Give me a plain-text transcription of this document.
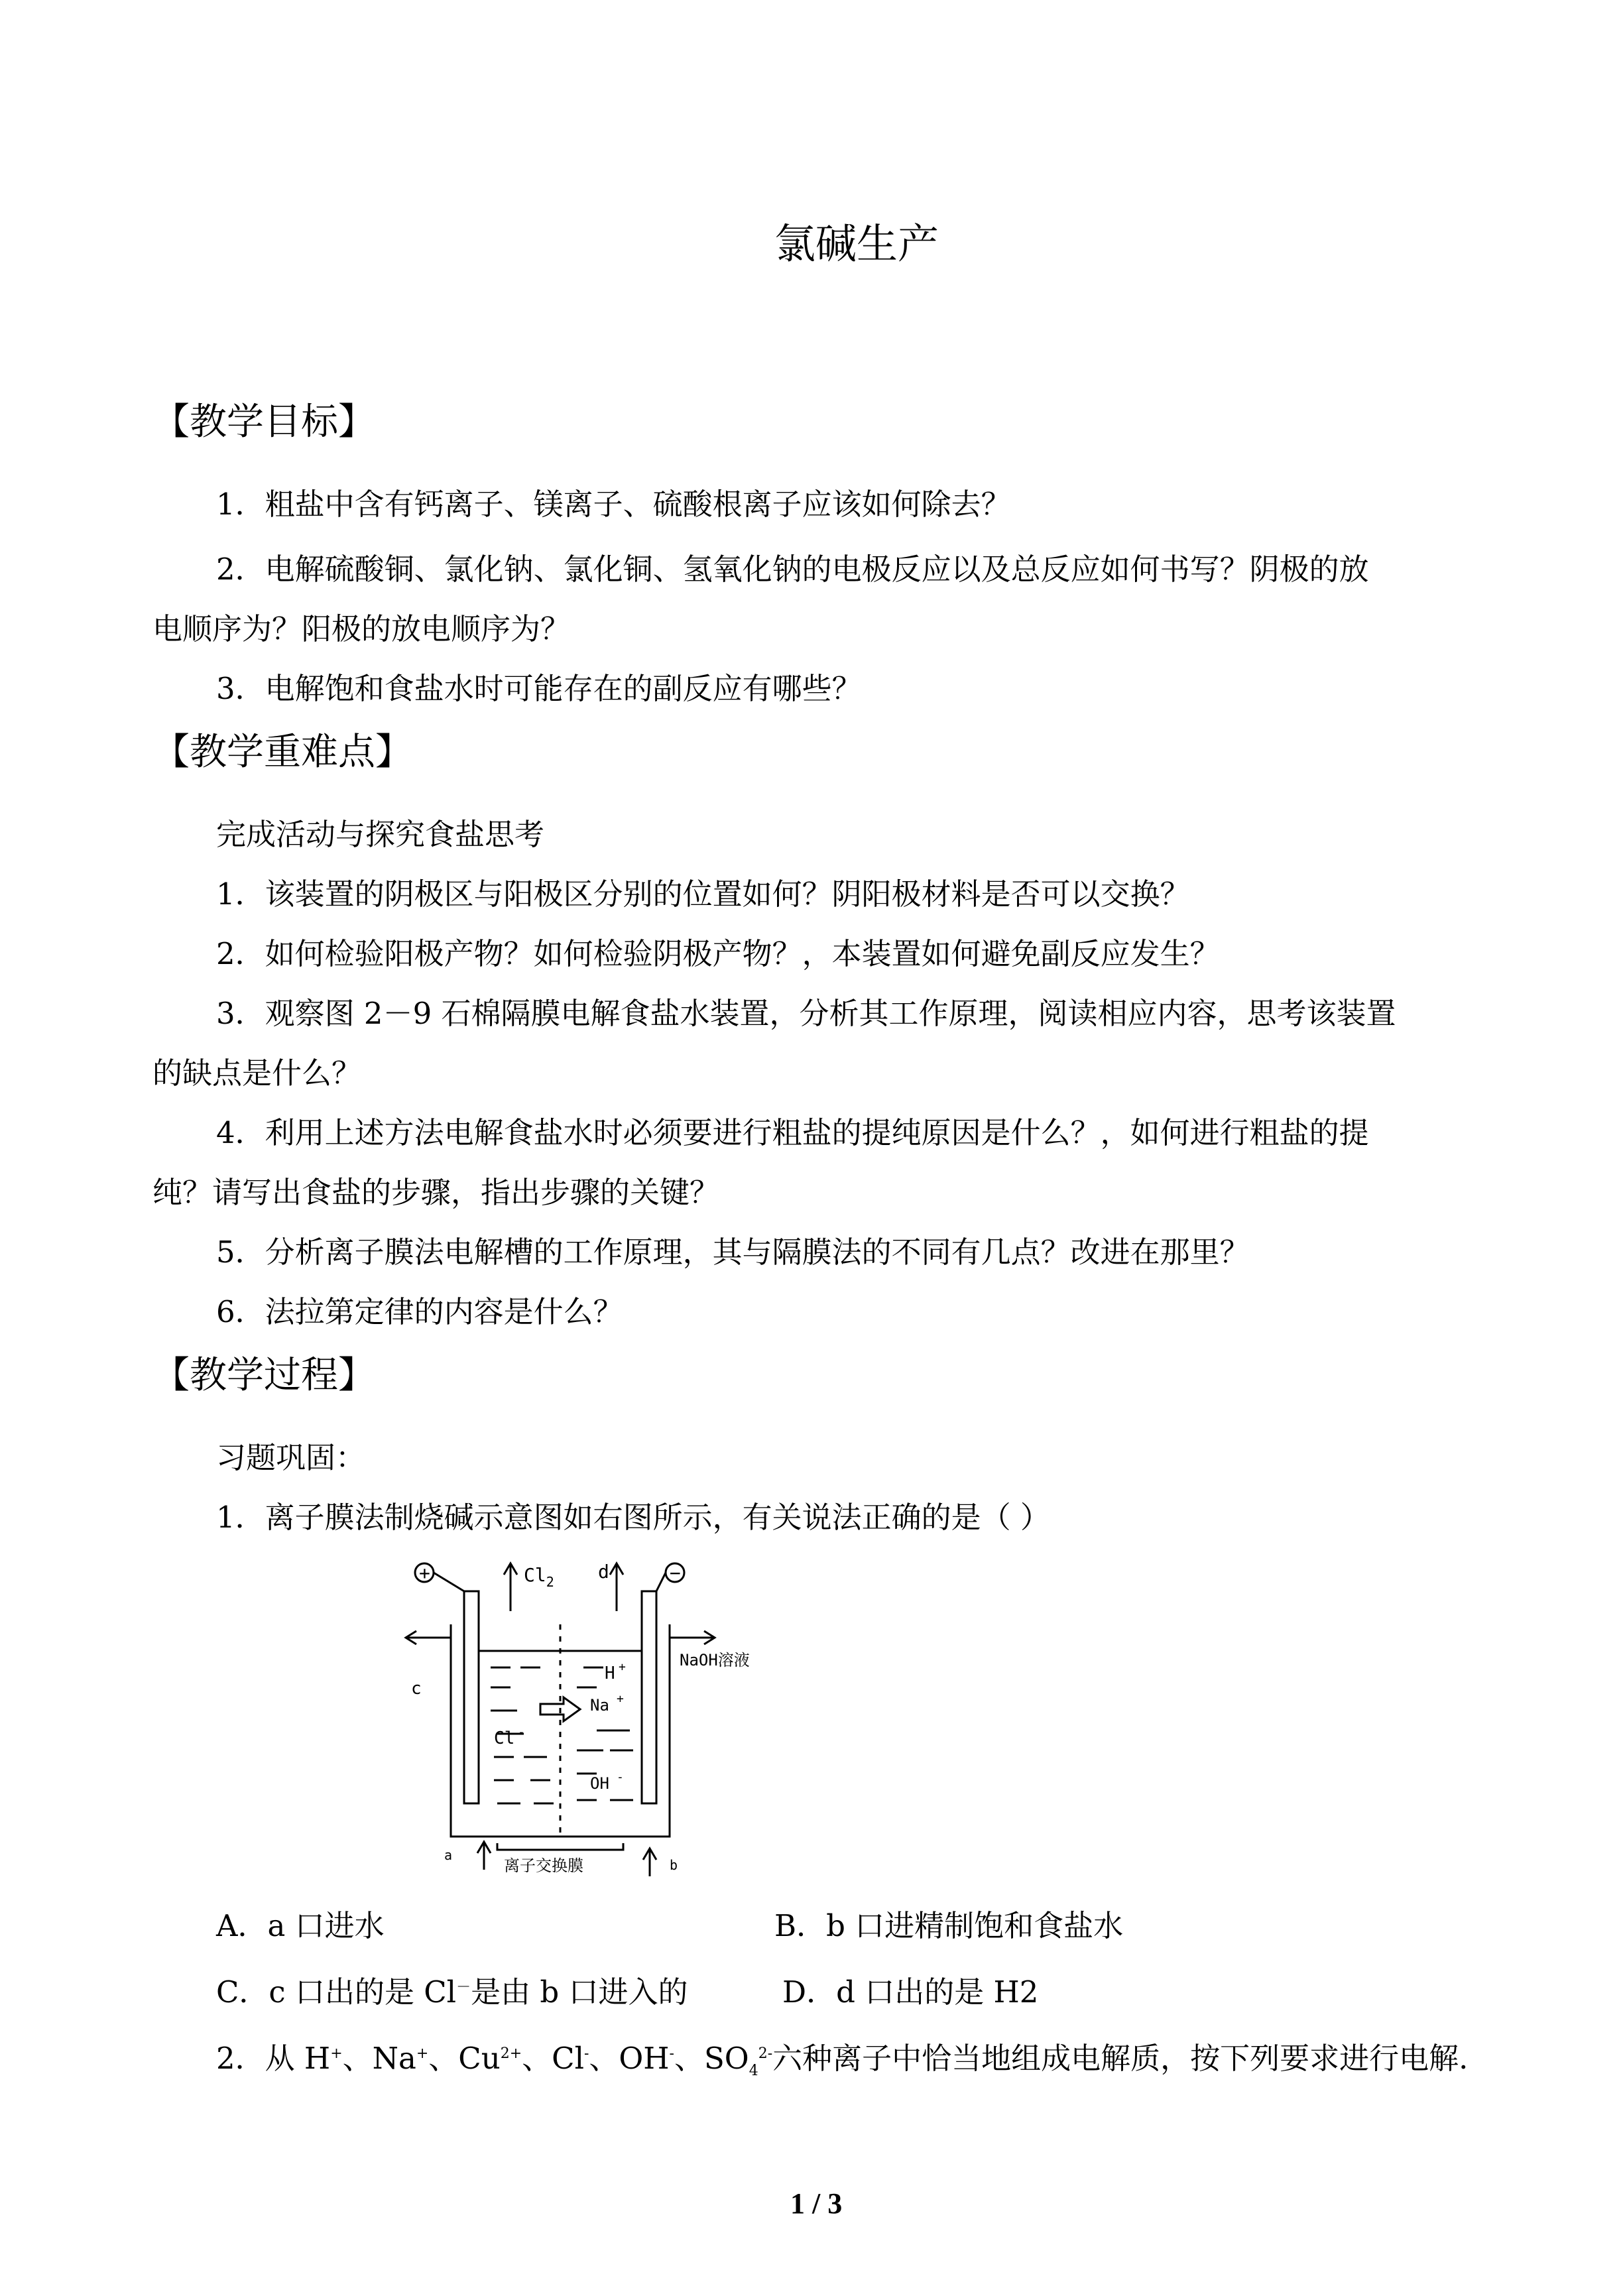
氯碱生产
【教学目标】
1．粗盐中含有钙离子、镁离子、硫酸根离子应该如何除去？
2．电解硫酸铜、氯化钠、氯化铜、氢氧化钠的电极反应以及总反应如何书写？阴极的放
电顺序为？阳极的放电顺序为？
3．电解饱和食盐水时可能存在的副反应有哪些？
【教学重难点】
完成活动与探究食盐思考
1．该装置的阴极区与阳极区分别的位置如何？阴阳极材料是否可以交换？
2．如何检验阳极产物？如何检验阴极产物？，本装置如何避免副反应发生？
3．观察图 2－9 石棉隔膜电解食盐水装置，分析其工作原理，阅读相应内容，思考该装置
的缺点是什么？
4．利用上述方法电解食盐水时必须要进行粗盐的提纯原因是什么？，如何进行粗盐的提
纯？请写出食盐的步骤，指出步骤的关键？
5．分析离子膜法电解槽的工作原理，其与隔膜法的不同有几点？改进在那里？
6．法拉第定律的内容是什么？
【教学过程】
习题巩固：
1．离子膜法制烧碱示意图如右图所示，有关说法正确的是（ ）
+	−
$Cl_2$ d
c
a
b
H +
Na +
Cl -
OH -
NaOH溶液
离子交换膜
A．a 口进水	B．b 口进精制饱和食盐水
C．c 口出的是 Cl－是由 b 口进入的	D．d 口出的是 H2
2．从 H+、Na+、$Cu^{2+}$、Cl-、OH-、$SO_4^{2-}$六种离子中恰当地组成电解质，按下列要求进行电解.
1 / 3
